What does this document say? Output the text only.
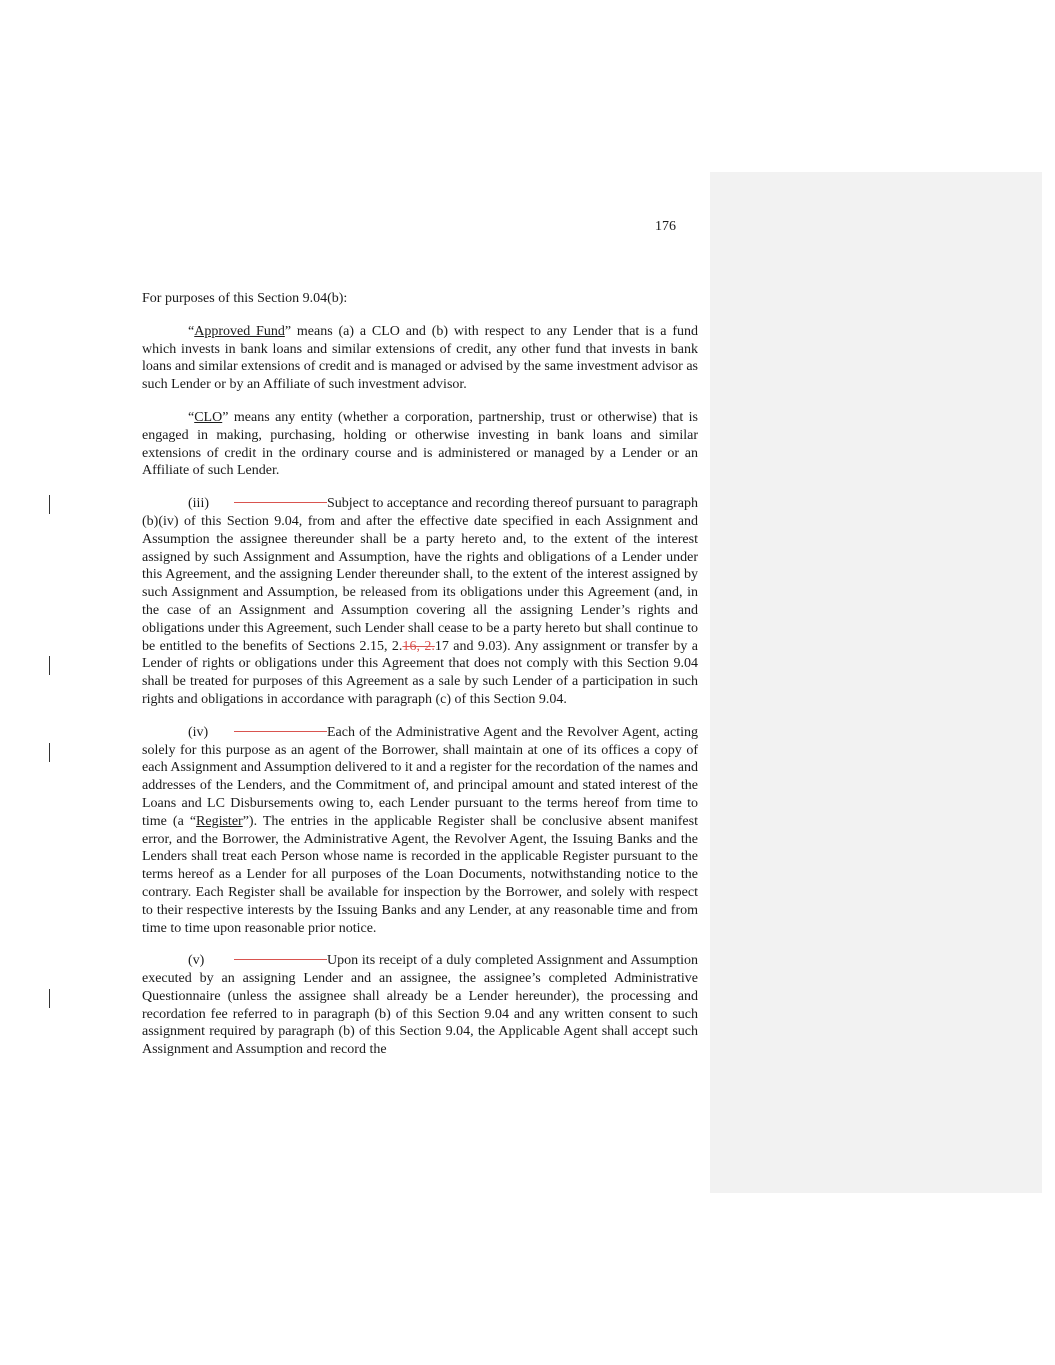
176

For purposes of this Section 9.04(b):

“Approved Fund” means (a) a CLO and (b) with respect to any Lender that is a fund which invests in bank loans and similar extensions of credit, any other fund that invests in bank loans and similar extensions of credit and is managed or advised by the same investment advisor as such Lender or by an Affiliate of such investment advisor.

“CLO” means any entity (whether a corporation, partnership, trust or otherwise) that is engaged in making, purchasing, holding or otherwise investing in bank loans and similar extensions of credit in the ordinary course and is administered or managed by a Lender or an Affiliate of such Lender.

(iii)	Subject to acceptance and recording thereof pursuant to paragraph (b)(iv) of this Section 9.04, from and after the effective date specified in each Assignment and Assumption the assignee thereunder shall be a party hereto and, to the extent of the interest assigned by such Assignment and Assumption, have the rights and obligations of a Lender under this Agreement, and the assigning Lender thereunder shall, to the extent of the interest assigned by such Assignment and Assumption, be released from its obligations under this Agreement (and, in the case of an Assignment and Assumption covering all the assigning Lender’s rights and obligations under this Agreement, such Lender shall cease to be a party hereto but shall continue to be entitled to the benefits of Sections 2.15, 2.16, 2.17 and 9.03). Any assignment or transfer by a Lender of rights or obligations under this Agreement that does not comply with this Section 9.04 shall be treated for purposes of this Agreement as a sale by such Lender of a participation in such rights and obligations in accordance with paragraph (c) of this Section 9.04.

(iv)	Each of the Administrative Agent and the Revolver Agent, acting solely for this purpose as an agent of the Borrower, shall maintain at one of its offices a copy of each Assignment and Assumption delivered to it and a register for the recordation of the names and addresses of the Lenders, and the Commitment of, and principal amount and stated interest of the Loans and LC Disbursements owing to, each Lender pursuant to the terms hereof from time to time (a “Register”). The entries in the applicable Register shall be conclusive absent manifest error, and the Borrower, the Administrative Agent, the Revolver Agent, the Issuing Banks and the Lenders shall treat each Person whose name is recorded in the applicable Register pursuant to the terms hereof as a Lender for all purposes of the Loan Documents, notwithstanding notice to the contrary. Each Register shall be available for inspection by the Borrower, and solely with respect to their respective interests by the Issuing Banks and any Lender, at any reasonable time and from time to time upon reasonable prior notice.

(v)	Upon its receipt of a duly completed Assignment and Assumption executed by an assigning Lender and an assignee, the assignee’s completed Administrative Questionnaire (unless the assignee shall already be a Lender hereunder), the processing and recordation fee referred to in paragraph (b) of this Section 9.04 and any written consent to such assignment required by paragraph (b) of this Section 9.04, the Applicable Agent shall accept such Assignment and Assumption and record the
